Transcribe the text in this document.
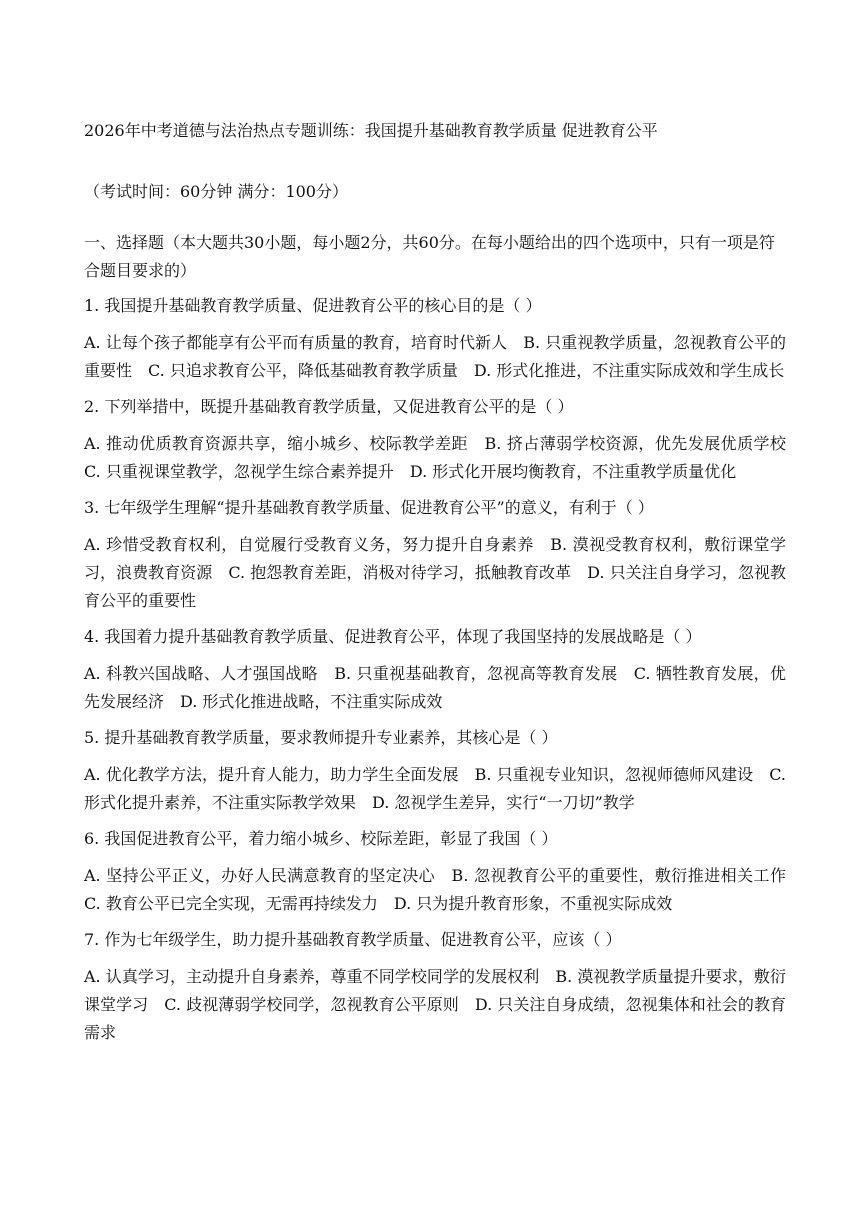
2026年中考道德与法治热点专题训练：我国提升基础教育教学质量 促进教育公平
（考试时间：60分钟 满分：100分）
一、选择题（本大题共30小题，每小题2分，共60分。在每小题给出的四个选项中，只有一项是符合题目要求的）
1. 我国提升基础教育教学质量、促进教育公平的核心目的是（ ）
A. 让每个孩子都能享有公平而有质量的教育，培育时代新人　B. 只重视教学质量，忽视教育公平的重要性　C. 只追求教育公平，降低基础教育教学质量　D. 形式化推进，不注重实际成效和学生成长
2. 下列举措中，既提升基础教育教学质量，又促进教育公平的是（ ）
A. 推动优质教育资源共享，缩小城乡、校际教学差距　B. 挤占薄弱学校资源，优先发展优质学校　C. 只重视课堂教学，忽视学生综合素养提升　D. 形式化开展均衡教育，不注重教学质量优化
3. 七年级学生理解“提升基础教育教学质量、促进教育公平”的意义，有利于（ ）
A. 珍惜受教育权利，自觉履行受教育义务，努力提升自身素养　B. 漠视受教育权利，敷衍课堂学习，浪费教育资源　C. 抱怨教育差距，消极对待学习，抵触教育改革　D. 只关注自身学习，忽视教育公平的重要性
4. 我国着力提升基础教育教学质量、促进教育公平，体现了我国坚持的发展战略是（ ）
A. 科教兴国战略、人才强国战略　B. 只重视基础教育，忽视高等教育发展　C. 牺牲教育发展，优先发展经济　D. 形式化推进战略，不注重实际成效
5. 提升基础教育教学质量，要求教师提升专业素养，其核心是（ ）
A. 优化教学方法，提升育人能力，助力学生全面发展　B. 只重视专业知识，忽视师德师风建设　C. 形式化提升素养，不注重实际教学效果　D. 忽视学生差异，实行“一刀切”教学
6. 我国促进教育公平，着力缩小城乡、校际差距，彰显了我国（ ）
A. 坚持公平正义，办好人民满意教育的坚定决心　B. 忽视教育公平的重要性，敷衍推进相关工作　C. 教育公平已完全实现，无需再持续发力　D. 只为提升教育形象，不重视实际成效
7. 作为七年级学生，助力提升基础教育教学质量、促进教育公平，应该（ ）
A. 认真学习，主动提升自身素养，尊重不同学校同学的发展权利　B. 漠视教学质量提升要求，敷衍课堂学习　C. 歧视薄弱学校同学，忽视教育公平原则　D. 只关注自身成绩，忽视集体和社会的教育需求
